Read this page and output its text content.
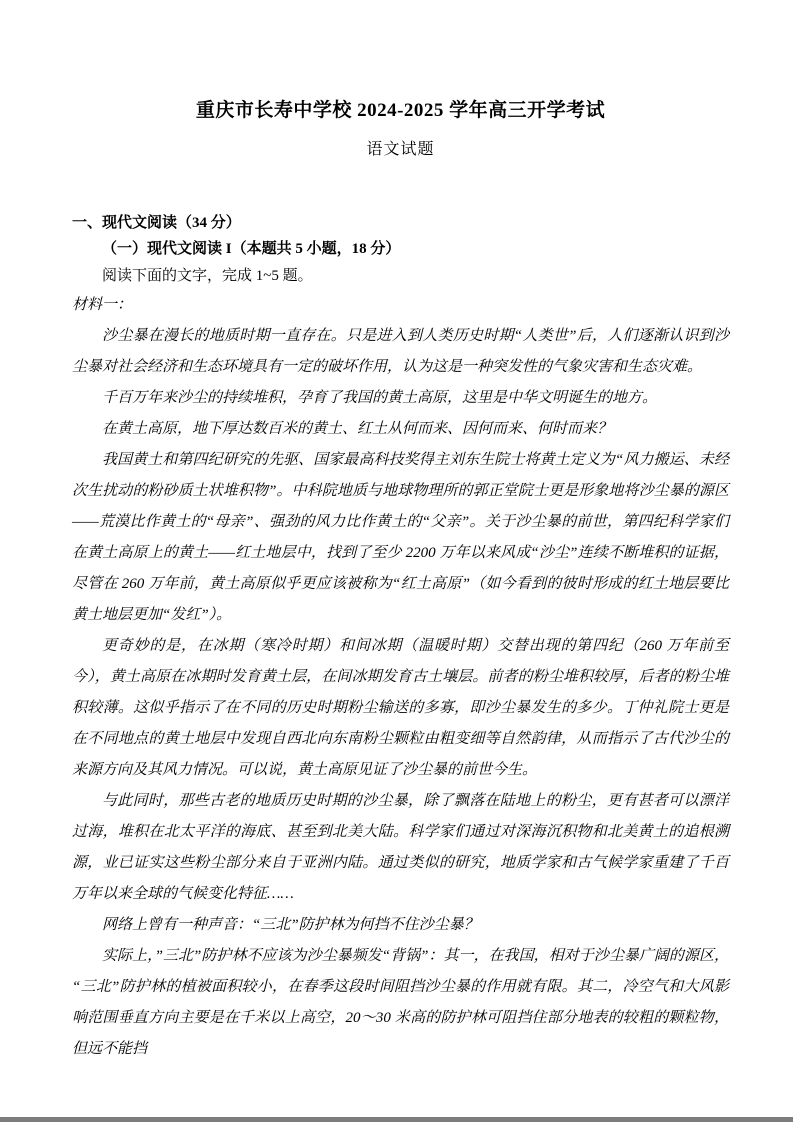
重庆市长寿中学校 2024-2025 学年高三开学考试
语文试题
一、现代文阅读（34 分）
（一）现代文阅读 I（本题共 5 小题，18 分）
阅读下面的文字，完成 1~5 题。
材料一：

沙尘暴在漫长的地质时期一直存在。只是进入到人类历史时期“人类世”后，人们逐渐认识到沙尘暴对社会经济和生态环境具有一定的破坏作用，认为这是一种突发性的气象灾害和生态灾难。

千百万年来沙尘的持续堆积，孕育了我国的黄土高原，这里是中华文明诞生的地方。

在黄土高原，地下厚达数百米的黄土、红土从何而来、因何而来、何时而来？

我国黄土和第四纪研究的先驱、国家最高科技奖得主刘东生院士将黄土定义为“风力搬运、未经次生扰动的粉砂质土状堆积物”。中科院地质与地球物理所的郭正堂院士更是形象地将沙尘暴的源区——荒漠比作黄土的“母亲”、强劲的风力比作黄土的“父亲”。关于沙尘暴的前世，第四纪科学家们在黄土高原上的黄土——红土地层中，找到了至少 2200 万年以来风成“沙尘”连续不断堆积的证据，尽管在 260 万年前，黄土高原似乎更应该被称为“红土高原”（如今看到的彼时形成的红土地层要比黄土地层更加“发红”）。

更奇妙的是，在冰期（寒冷时期）和间冰期（温暖时期）交替出现的第四纪（260 万年前至今），黄土高原在冰期时发育黄土层，在间冰期发育古土壤层。前者的粉尘堆积较厚，后者的粉尘堆积较薄。这似乎指示了在不同的历史时期粉尘输送的多寡，即沙尘暴发生的多少。丁仲礼院士更是在不同地点的黄土地层中发现自西北向东南粉尘颗粒由粗变细等自然韵律，从而指示了古代沙尘的来源方向及其风力情况。可以说，黄土高原见证了沙尘暴的前世今生。

与此同时，那些古老的地质历史时期的沙尘暴，除了飘落在陆地上的粉尘，更有甚者可以漂洋过海，堆积在北太平洋的海底、甚至到北美大陆。科学家们通过对深海沉积物和北美黄土的追根溯源，业已证实这些粉尘部分来自于亚洲内陆。通过类似的研究，地质学家和古气候学家重建了千百万年以来全球的气候变化特征……

网络上曾有一种声音：“三北”防护林为何挡不住沙尘暴？

实际上，”三北”防护林不应该为沙尘暴频发“背锅”：其一，在我国，相对于沙尘暴广阔的源区，“三北”防护林的植被面积较小，在春季这段时间阻挡沙尘暴的作用就有限。其二，冷空气和大风影响范围垂直方向主要是在千米以上高空，20～30 米高的防护林可阻挡住部分地表的较粗的颗粒物，但远不能挡
